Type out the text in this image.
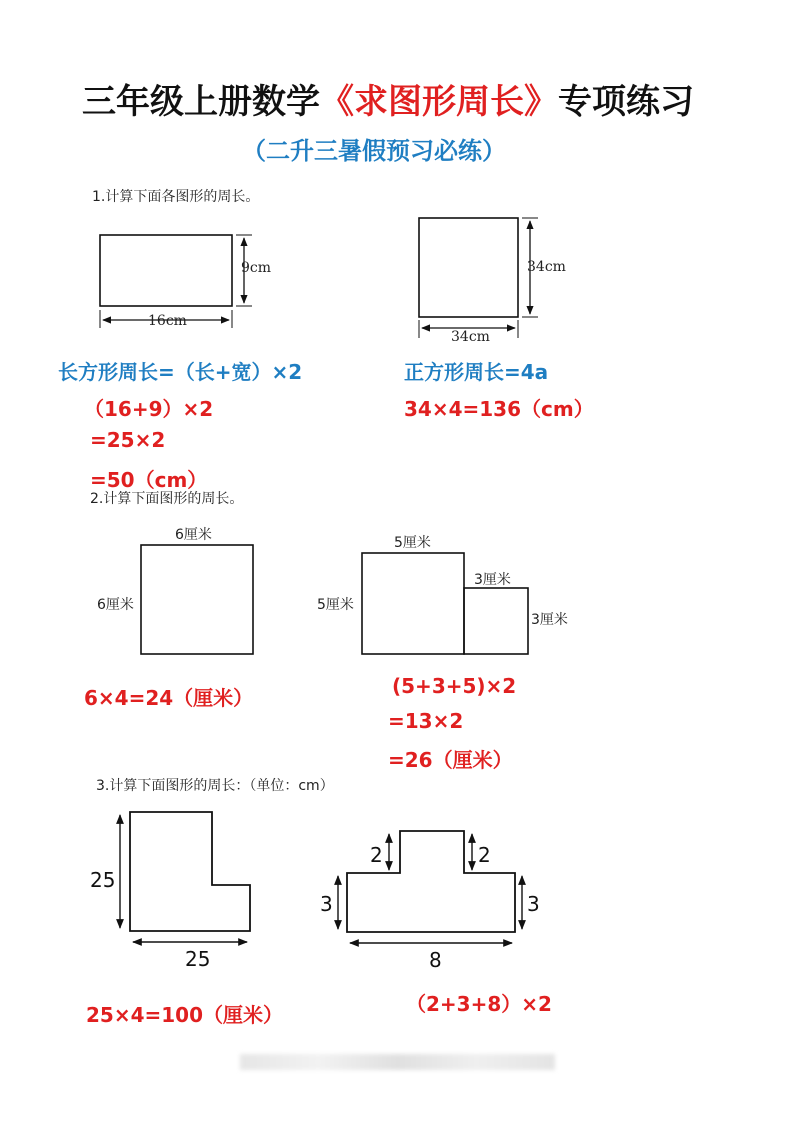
三年级上册数学《求图形周长》专项练习
（二升三暑假预习必练）
1.计算下面各图形的周长。
9cm
16cm
34cm
34cm
长方形周长=（长+宽）×2
（16+9）×2
=25×2
=50（cm）
正方形周长=4a
34×4=136（cm）
2.计算下面图形的周长。
6厘米
6厘米
5厘米
5厘米
3厘米
3厘米
6×4=24（厘米）	(5+3+5)×2
=13×2
=26（厘米）
3.计算下面图形的周长：（单位：cm）
25
25
2	2
3	3
8
25×4=100（厘米）	（2+3+8）×2
